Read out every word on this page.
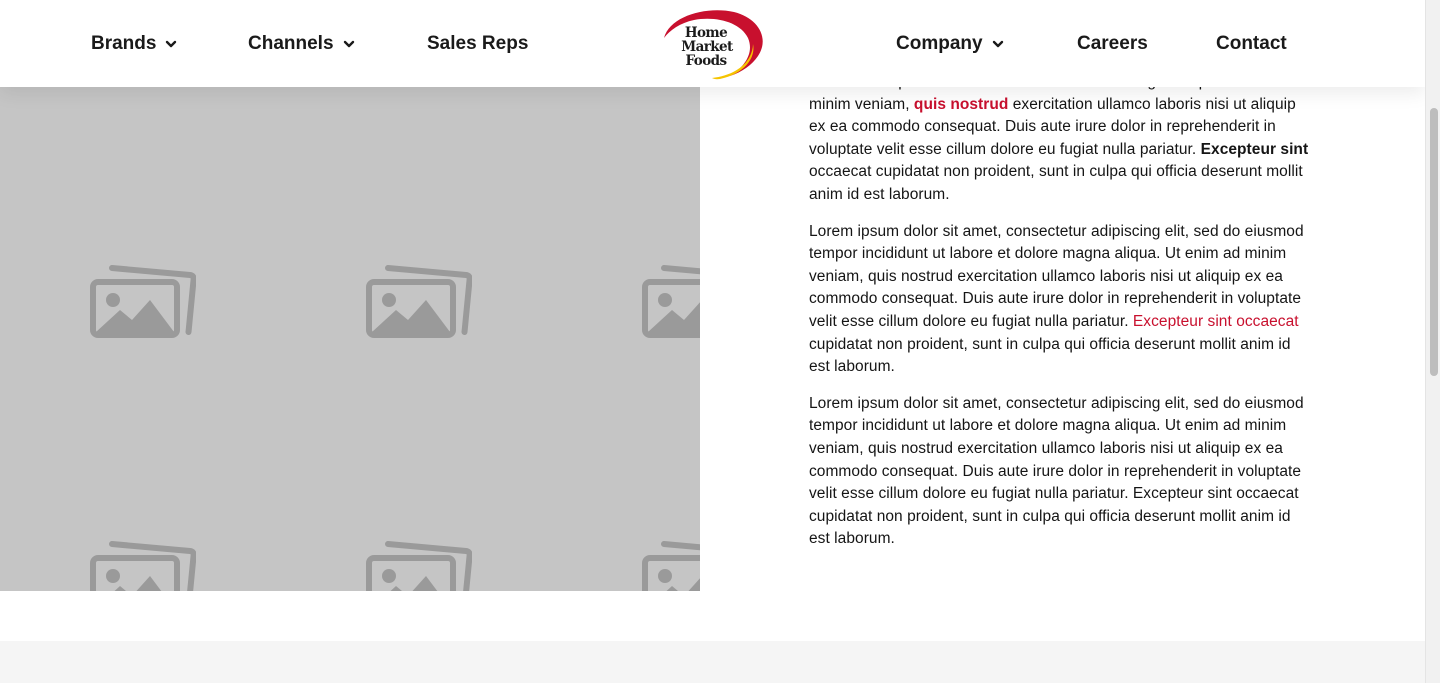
minim veniam, quis nostrud exercitation ullamco laboris nisi ut aliquip ex ea commodo consequat. Duis aute irure dolor in reprehenderit in voluptate velit esse cillum dolore eu fugiat nulla pariatur. Excepteur sint occaecat cupidatat non proident, sunt in culpa qui officia deserunt mollit anim id est laborum.

Lorem ipsum dolor sit amet, consectetur adipiscing elit, sed do eiusmod tempor incididunt ut labore et dolore magna aliqua. Ut enim ad minim veniam, quis nostrud exercitation ullamco laboris nisi ut aliquip ex ea commodo consequat. Duis aute irure dolor in reprehenderit in voluptate velit esse cillum dolore eu fugiat nulla pariatur. Excepteur sint occaecat cupidatat non proident, sunt in culpa qui officia deserunt mollit anim id est laborum.

Lorem ipsum dolor sit amet, consectetur adipiscing elit, sed do eiusmod tempor incididunt ut labore et dolore magna aliqua. Ut enim ad minim veniam, quis nostrud exercitation ullamco laboris nisi ut aliquip ex ea commodo consequat. Duis aute irure dolor in reprehenderit in voluptate velit esse cillum dolore eu fugiat nulla pariatur. Excepteur sint occaecat cupidatat non proident, sunt in culpa qui officia deserunt mollit anim id est laborum.

Brands	Channels	Sales Reps	Home
Market
Foods
Company	Careers	Contact
